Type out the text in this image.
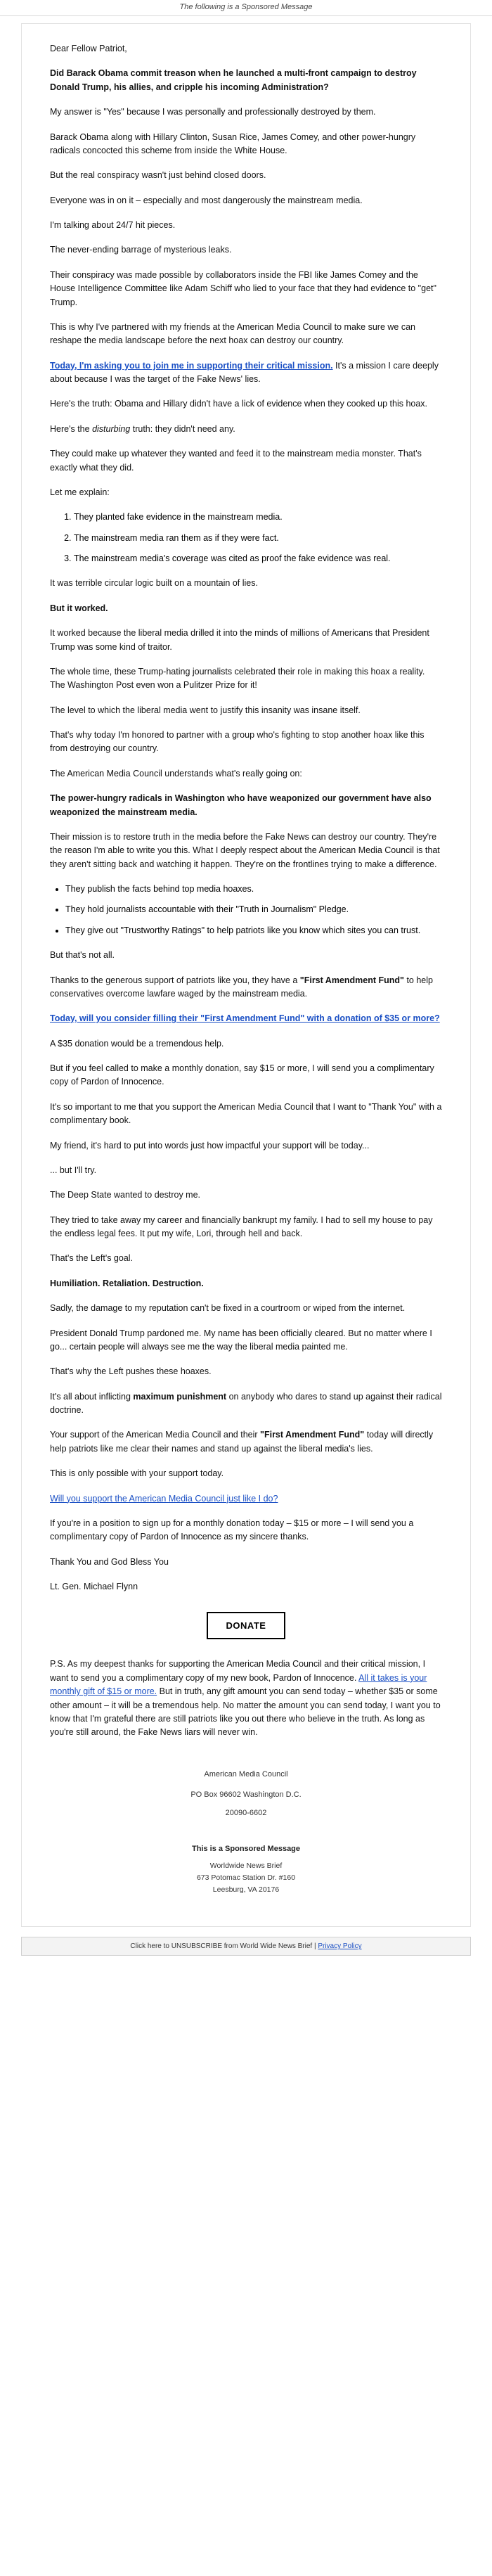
The following is a Sponsored Message

Dear Fellow Patriot,

Did Barack Obama commit treason when he launched a multi-front campaign to destroy Donald Trump, his allies, and cripple his incoming Administration?

My answer is "Yes" because I was personally and professionally destroyed by them.

Barack Obama along with Hillary Clinton, Susan Rice, James Comey, and other power-hungry radicals concocted this scheme from inside the White House.

But the real conspiracy wasn't just behind closed doors.

Everyone was in on it – especially and most dangerously the mainstream media.

I'm talking about 24/7 hit pieces.

The never-ending barrage of mysterious leaks.

Their conspiracy was made possible by collaborators inside the FBI like James Comey and the House Intelligence Committee like Adam Schiff who lied to your face that they had evidence to "get" Trump.

This is why I've partnered with my friends at the American Media Council to make sure we can reshape the media landscape before the next hoax can destroy our country.

Today, I'm asking you to join me in supporting their critical mission. It's a mission I care deeply about because I was the target of the Fake News' lies.

Here's the truth: Obama and Hillary didn't have a lick of evidence when they cooked up this hoax.

Here's the disturbing truth: they didn't need any.

They could make up whatever they wanted and feed it to the mainstream media monster. That's exactly what they did.

Let me explain:

1. They planted fake evidence in the mainstream media.
2. The mainstream media ran them as if they were fact.
3. The mainstream media's coverage was cited as proof the fake evidence was real.

It was terrible circular logic built on a mountain of lies.

But it worked.

It worked because the liberal media drilled it into the minds of millions of Americans that President Trump was some kind of traitor.

The whole time, these Trump-hating journalists celebrated their role in making this hoax a reality. The Washington Post even won a Pulitzer Prize for it!

The level to which the liberal media went to justify this insanity was insane itself.

That's why today I'm honored to partner with a group who's fighting to stop another hoax like this from destroying our country.

The American Media Council understands what's really going on:

The power-hungry radicals in Washington who have weaponized our government have also weaponized the mainstream media.

Their mission is to restore truth in the media before the Fake News can destroy our country. They're the reason I'm able to write you this. What I deeply respect about the American Media Council is that they aren't sitting back and watching it happen. They're on the frontlines trying to make a difference.

• They publish the facts behind top media hoaxes.
• They hold journalists accountable with their "Truth in Journalism" Pledge.
• They give out "Trustworthy Ratings" to help patriots like you know which sites you can trust.

But that's not all.

Thanks to the generous support of patriots like you, they have a "First Amendment Fund" to help conservatives overcome lawfare waged by the mainstream media.

Today, will you consider filling their "First Amendment Fund" with a donation of $35 or more?

A $35 donation would be a tremendous help.

But if you feel called to make a monthly donation, say $15 or more, I will send you a complimentary copy of Pardon of Innocence.

It's so important to me that you support the American Media Council that I want to "Thank You" with a complimentary book.

My friend, it's hard to put into words just how impactful your support will be today...

... but I'll try.

The Deep State wanted to destroy me.

They tried to take away my career and financially bankrupt my family. I had to sell my house to pay the endless legal fees. It put my wife, Lori, through hell and back.

That's the Left's goal.

Humiliation. Retaliation. Destruction.

Sadly, the damage to my reputation can't be fixed in a courtroom or wiped from the internet.

President Donald Trump pardoned me. My name has been officially cleared. But no matter where I go... certain people will always see me the way the liberal media painted me.

That's why the Left pushes these hoaxes.

It's all about inflicting maximum punishment on anybody who dares to stand up against their radical doctrine.

Your support of the American Media Council and their "First Amendment Fund" today will directly help patriots like me clear their names and stand up against the liberal media's lies.

This is only possible with your support today.

Will you support the American Media Council just like I do?

If you're in a position to sign up for a monthly donation today – $15 or more – I will send you a complimentary copy of Pardon of Innocence as my sincere thanks.

Thank You and God Bless You

Lt. Gen. Michael Flynn

DONATE

P.S. As my deepest thanks for supporting the American Media Council and their critical mission, I want to send you a complimentary copy of my new book, Pardon of Innocence. All it takes is your monthly gift of $15 or more. But in truth, any gift amount you can send today – whether $35 or some other amount – it will be a tremendous help. No matter the amount you can send today, I want you to know that I'm grateful there are still patriots like you out there who believe in the truth. As long as you're still around, the Fake News liars will never win.

American Media Council
PO Box 96602 Washington D.C.
20090-6602
This is a Sponsored Message
Worldwide News Brief
673 Potomac Station Dr. #160
Leesburg, VA 20176
Click here to UNSUBSCRIBE from World Wide News Brief | Privacy Policy
